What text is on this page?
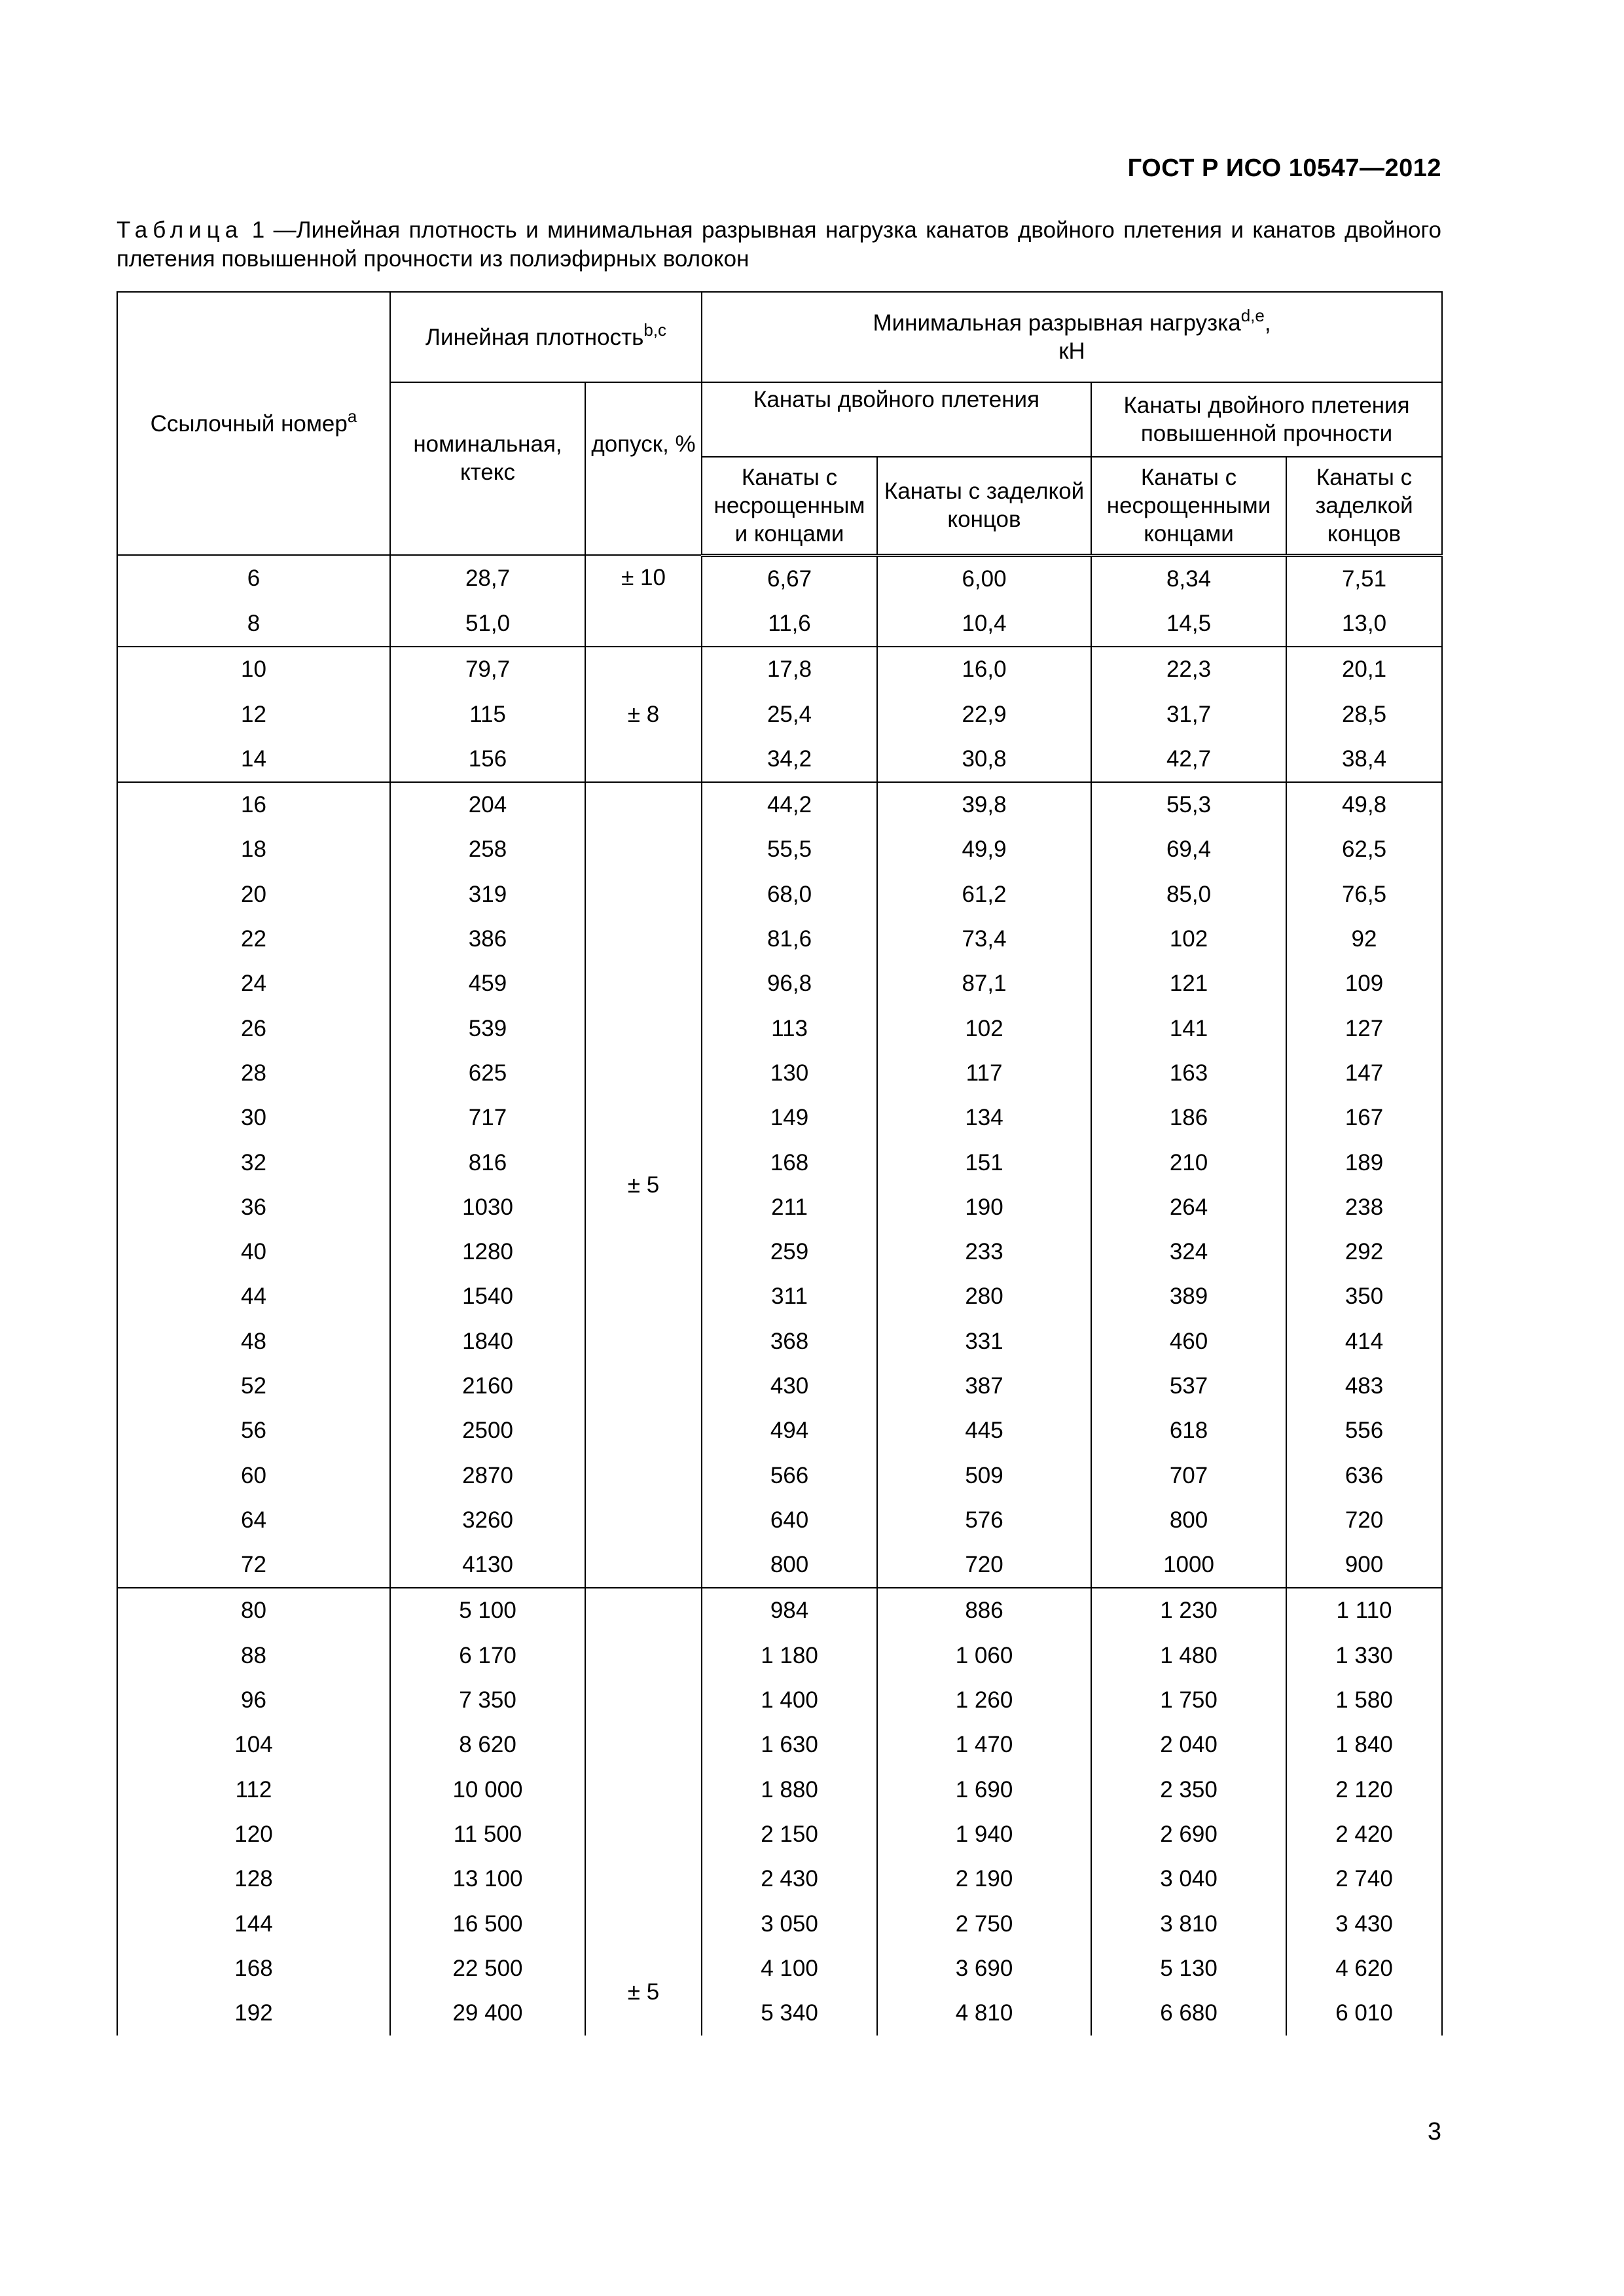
ГОСТ Р ИСО 10547—2012
Таблица 1 —Линейная плотность и минимальная разрывная нагрузка канатов двойного плетения и канатов двойного плетения повышенной прочности из полиэфирных волокон
Ссылочный номер$^a$	Линейная плотность$^{b,c}$		Минимальная разрывная нагрузка$^{d,e}$,
кН			
	номинальная, ктекс	допуск, %	Канаты двойного плетения		Канаты двойного плетения повышенной прочности	
			Канаты с несрощенным и концами	Канаты с заделкой концов	Канаты с несрощенными концами	Канаты с заделкой концов
6	28,7	± 10	6,67	6,00	8,34	7,51
8	51,0		11,6	10,4	14,5	13,0
10	79,7	± 8	17,8	16,0	22,3	20,1
12	115		25,4	22,9	31,7	28,5
14	156		34,2	30,8	42,7	38,4
16	204	± 5	44,2	39,8	55,3	49,8
18	258		55,5	49,9	69,4	62,5
20	319		68,0	61,2	85,0	76,5
22	386		81,6	73,4	102	92
24	459		96,8	87,1	121	109
26	539		113	102	141	127
28	625		130	117	163	147
30	717		149	134	186	167
32	816		168	151	210	189
36	1030		211	190	264	238
40	1280		259	233	324	292
44	1540		311	280	389	350
48	1840		368	331	460	414
52	2160		430	387	537	483
56	2500		494	445	618	556
60	2870		566	509	707	636
64	3260		640	576	800	720
72	4130		800	720	1000	900
80	5 100	± 5	984	886	1 230	1 110
88	6 170		1 180	1 060	1 480	1 330
96	7 350		1 400	1 260	1 750	1 580
104	8 620		1 630	1 470	2 040	1 840
112	10 000		1 880	1 690	2 350	2 120
120	11 500		2 150	1 940	2 690	2 420
128	13 100		2 430	2 190	3 040	2 740
144	16 500		3 050	2 750	3 810	3 430
168	22 500		4 100	3 690	5 130	4 620
192	29 400		5 340	4 810	6 680	6 010
3
